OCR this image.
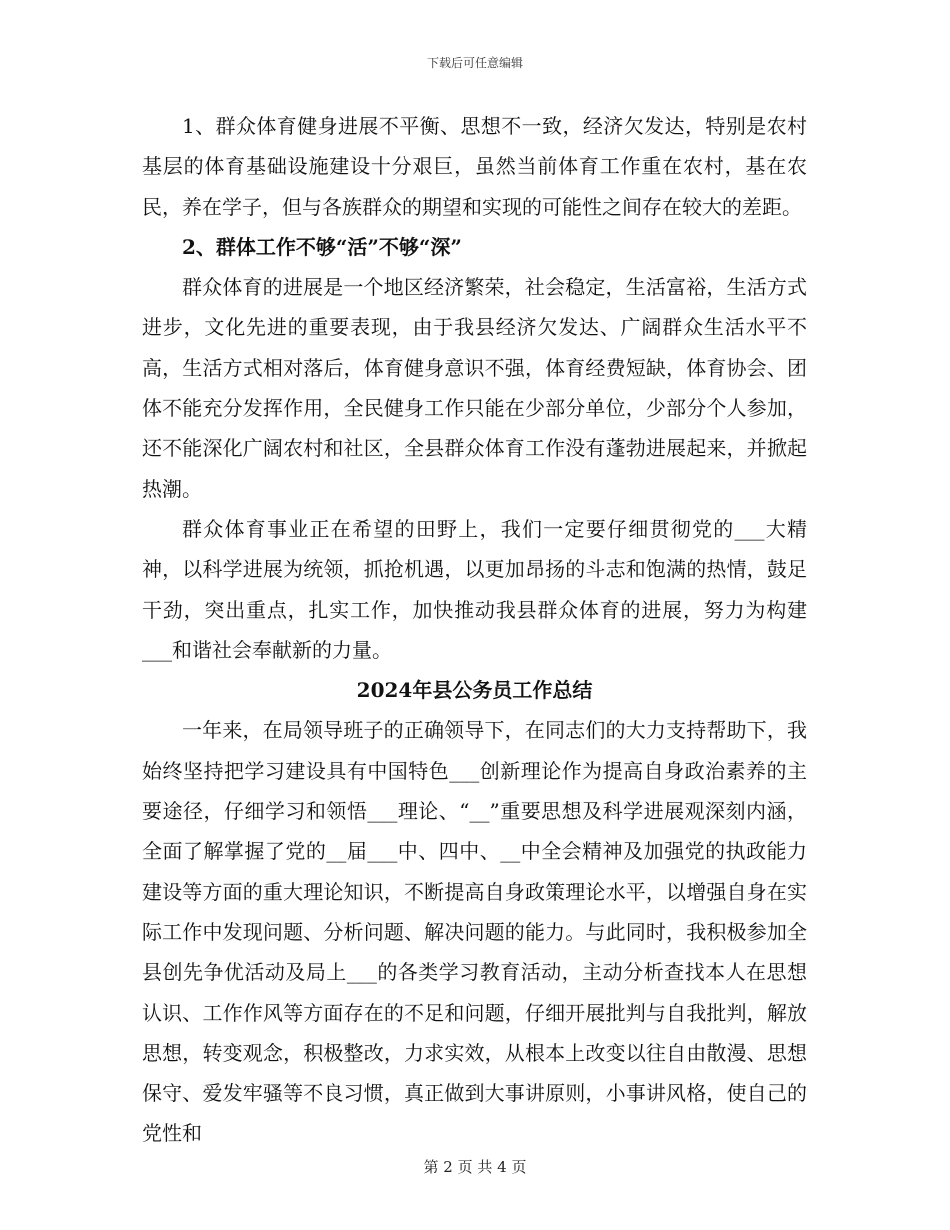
下载后可任意编辑

1、群众体育健身进展不平衡、思想不一致，经济欠发达，特别是农村基层的体育基础设施建设十分艰巨，虽然当前体育工作重在农村，基在农民，养在学子，但与各族群众的期望和实现的可能性之间存在较大的差距。

2、群体工作不够“活”不够“深”

群众体育的进展是一个地区经济繁荣，社会稳定，生活富裕，生活方式进步，文化先进的重要表现，由于我县经济欠发达、广阔群众生活水平不高，生活方式相对落后，体育健身意识不强，体育经费短缺，体育协会、团体不能充分发挥作用，全民健身工作只能在少部分单位，少部分个人参加，还不能深化广阔农村和社区，全县群众体育工作没有蓬勃进展起来，并掀起热潮。

群众体育事业正在希望的田野上，我们一定要仔细贯彻党的___大精神，以科学进展为统领，抓抢机遇，以更加昂扬的斗志和饱满的热情，鼓足干劲，突出重点，扎实工作，加快推动我县群众体育的进展，努力为构建___和谐社会奉献新的力量。

2024年县公务员工作总结

一年来，在局领导班子的正确领导下，在同志们的大力支持帮助下，我始终坚持把学习建设具有中国特色___创新理论作为提高自身政治素养的主要途径，仔细学习和领悟___理论、“__”重要思想及科学进展观深刻内涵，全面了解掌握了党的__届___中、四中、__中全会精神及加强党的执政能力建设等方面的重大理论知识，不断提高自身政策理论水平，以增强自身在实际工作中发现问题、分析问题、解决问题的能力。与此同时，我积极参加全县创先争优活动及局上___的各类学习教育活动，主动分析查找本人在思想认识、工作作风等方面存在的不足和问题，仔细开展批判与自我批判，解放思想，转变观念，积极整改，力求实效，从根本上改变以往自由散漫、思想保守、爱发牢骚等不良习惯，真正做到大事讲原则，小事讲风格，使自己的党性和

第 2 页 共 4 页
